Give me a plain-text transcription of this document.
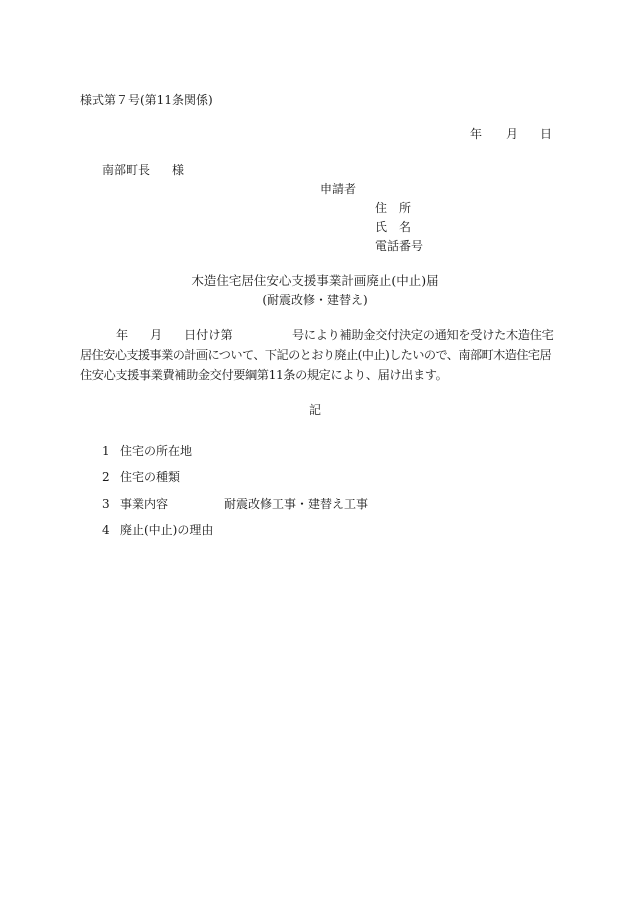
様式第７号(第11条関係)
年 月 日
南部町長 様
申請者
住　所
氏　名
電話番号
木造住宅居住安心支援事業計画廃止(中止)届
(耐震改修・建替え)
年 月 日付け第	号により補助金交付決定の通知を受けた木造住宅
居住安心支援事業の計画について、下記のとおり廃止(中止)したいので、南部町木造住宅居
住安心支援事業費補助金交付要綱第11条の規定により、届け出ます。
記
1 住宅の所在地
2 住宅の種類
3 事業内容	耐震改修工事・建替え工事
4 廃止(中止)の理由
